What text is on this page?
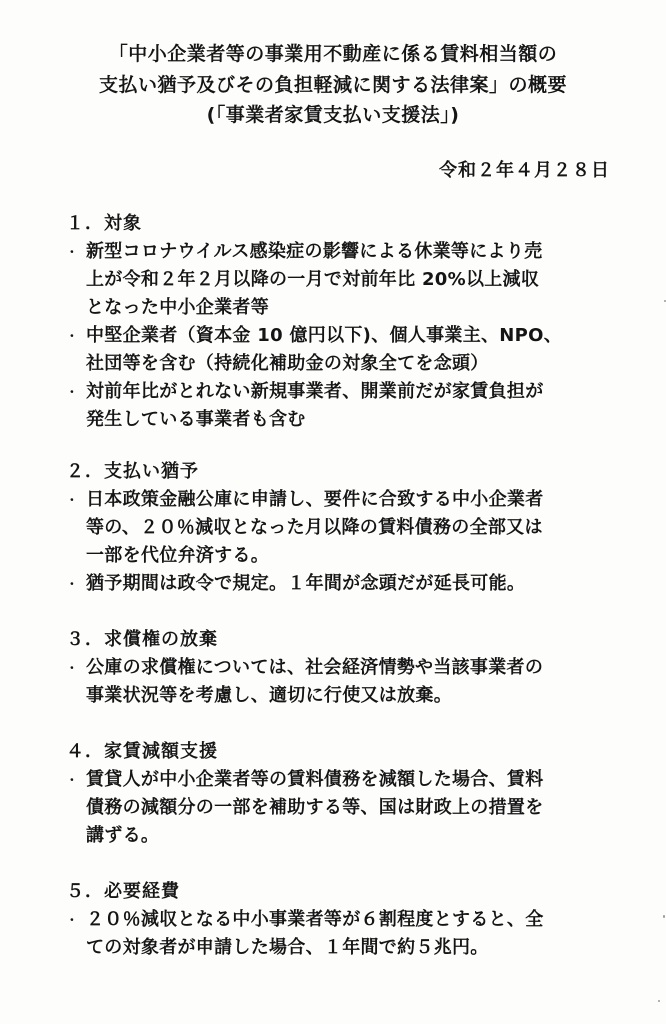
「中小企業者等の事業用不動産に係る賃料相当額の
支払い猶予及びその負担軽減に関する法律案」の概要
(「事業者家賃支払い支援法」)
令和２年４月２８日
１．対象
・ 新型コロナウイルス感染症の影響による休業等により売
上が令和２年２月以降の一月で対前年比 20%以上減収
となった中小企業者等
・ 中堅企業者（資本金 10 億円以下)、個人事業主、NPO、
社団等を含む（持続化補助金の対象全てを念頭）
・ 対前年比がとれない新規事業者、開業前だが家賃負担が
発生している事業者も含む
２．支払い猶予
・ 日本政策金融公庫に申請し、要件に合致する中小企業者
等の、２０％減収となった月以降の賃料債務の全部又は
一部を代位弁済する。
・ 猶予期間は政令で規定。１年間が念頭だが延長可能。
３．求償権の放棄
・ 公庫の求償権については、社会経済情勢や当該事業者の
事業状況等を考慮し、適切に行使又は放棄。
４．家賃減額支援
・ 賃貸人が中小企業者等の賃料債務を減額した場合、賃料
債務の減額分の一部を補助する等、国は財政上の措置を
講ずる。
５．必要経費
・ ２０％減収となる中小事業者等が６割程度とすると、全
ての対象者が申請した場合、１年間で約５兆円。
